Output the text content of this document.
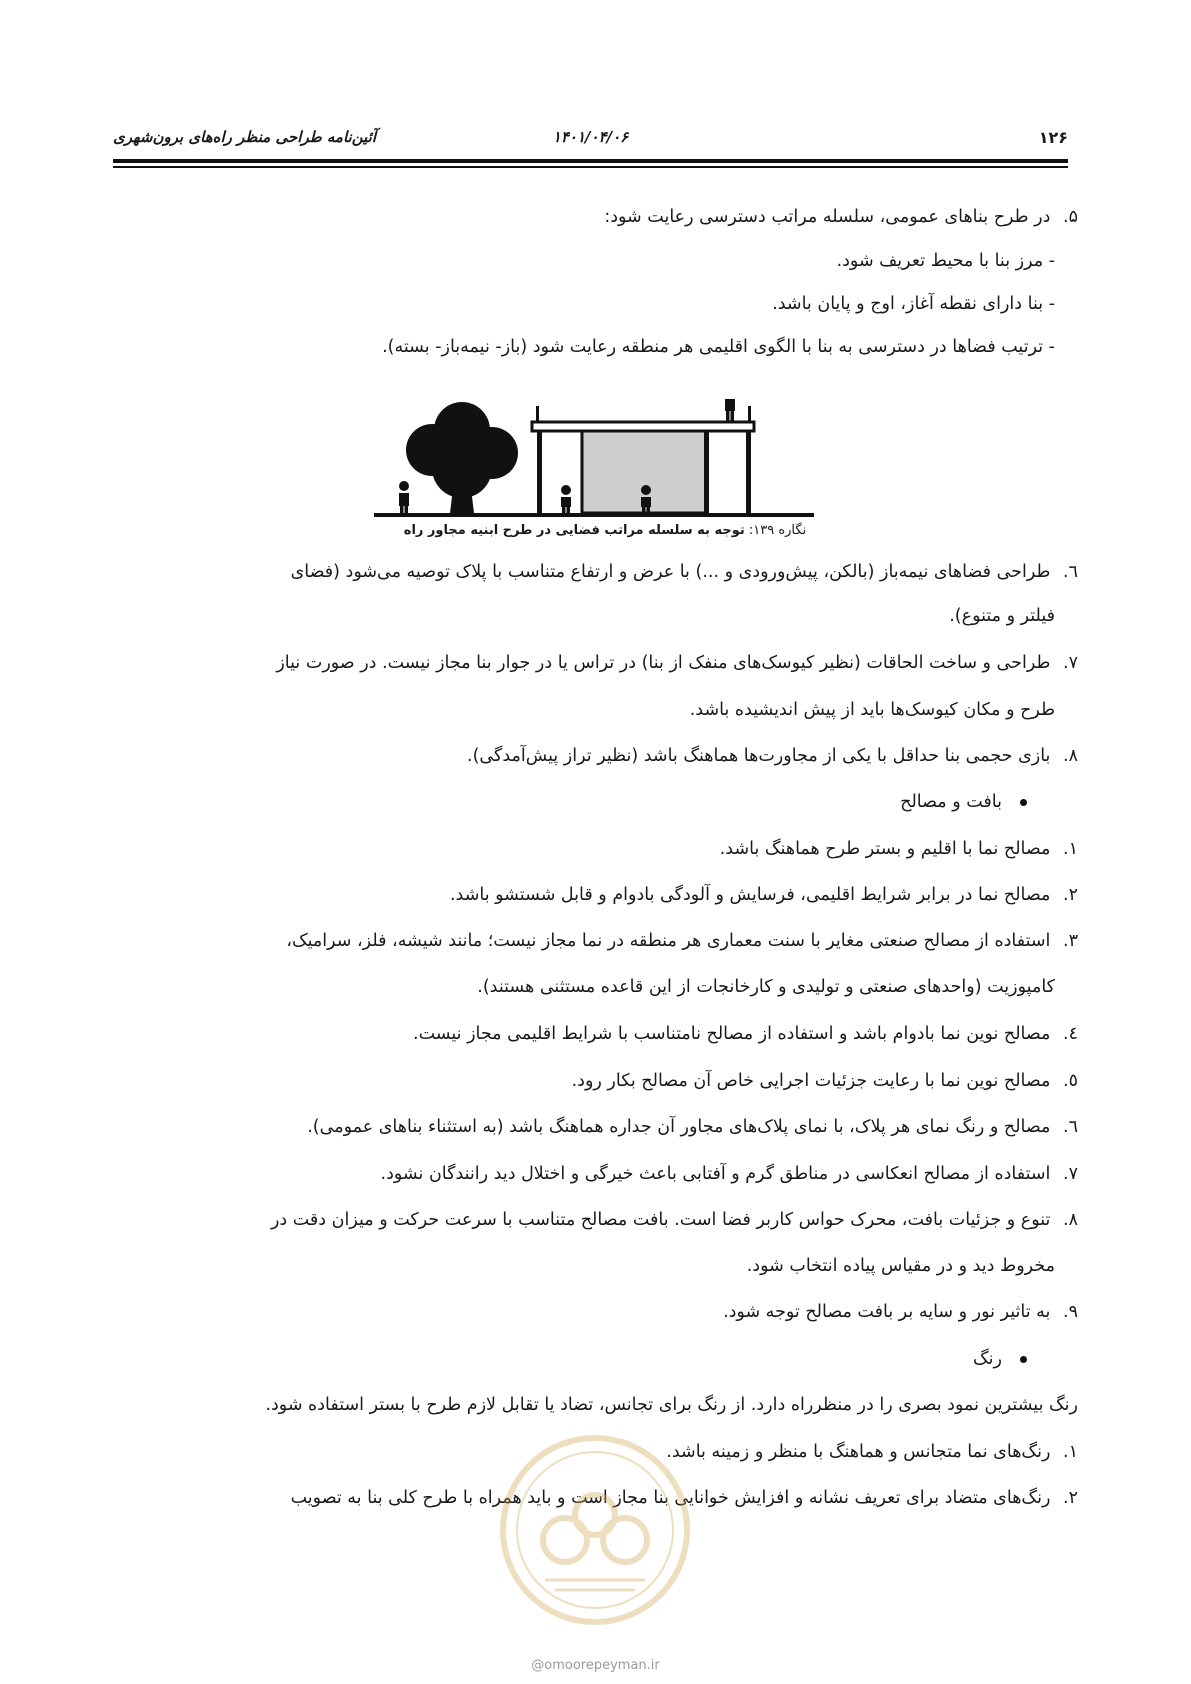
۱۲۶
۱۴۰۱/۰۴/۰۶
آئین‌نامه طراحی منظر راه‌های برون‌شهری
۵. در طرح بناهای عمومی، سلسله مراتب دسترسی رعایت شود:
- مرز بنا با محیط تعریف شود.
- بنا دارای نقطه آغاز، اوج و پایان باشد.
- ترتیب فضاها در دسترسی به بنا با الگوی اقلیمی هر منطقه رعایت شود (باز- نیمه‌باز- بسته).
نگاره ۱۳۹: توجه به سلسله مراتب فضایی در طرح ابنیه مجاور راه
٦. طراحی فضاهای نیمه‌باز (بالکن، پیش‌ورودی و ...) با عرض و ارتفاع متناسب با پلاک توصیه می‌شود (فضای
فیلتر و متنوع).
۷. طراحی و ساخت الحاقات (نظیر کیوسک‌های منفک از بنا) در تراس یا در جوار بنا مجاز نیست. در صورت نیاز
طرح و مکان کیوسک‌ها باید از پیش اندیشیده باشد.
۸. بازی حجمی بنا حداقل با یکی از مجاورت‌ها هماهنگ باشد (نظیر تراز پیش‌آمدگی).
بافت و مصالح
۱. مصالح نما با اقلیم و بستر طرح هماهنگ باشد.
۲. مصالح نما در برابر شرایط اقلیمی، فرسایش و آلودگی بادوام و قابل شستشو باشد.
۳. استفاده از مصالح صنعتی مغایر با سنت معماری هر منطقه در نما مجاز نیست؛ مانند شیشه، فلز، سرامیک،
کامپوزیت (واحدهای صنعتی و تولیدی و کارخانجات از این قاعده مستثنی هستند).
٤. مصالح نوین نما بادوام باشد و استفاده از مصالح نامتناسب با شرایط اقلیمی مجاز نیست.
٥. مصالح نوین نما با رعایت جزئیات اجرایی خاص آن مصالح بکار رود.
٦. مصالح و رنگ نمای هر پلاک، با نمای پلاک‌های مجاور آن جداره هماهنگ باشد (به استثناء بناهای عمومی).
۷. استفاده از مصالح انعکاسی در مناطق گرم و آفتابی باعث خیرگی و اختلال دید رانندگان نشود.
۸. تنوع و جزئیات بافت، محرک حواس کاربر فضا است. بافت مصالح متناسب با سرعت حرکت و میزان دقت در
مخروط دید و در مقیاس پیاده انتخاب شود.
۹. به تاثیر نور و سایه بر بافت مصالح توجه شود.
رنگ
رنگ بیشترین نمود بصری را در منظرراه دارد. از رنگ برای تجانس، تضاد یا تقابل لازم طرح با بستر استفاده شود.
۱. رنگ‌های نما متجانس و هماهنگ با منظر و زمینه باشد.
۲. رنگ‌های متضاد برای تعریف نشانه و افزایش خوانایی بنا مجاز است و باید همراه با طرح کلی بنا به تصویب
@omoorepeyman.ir
